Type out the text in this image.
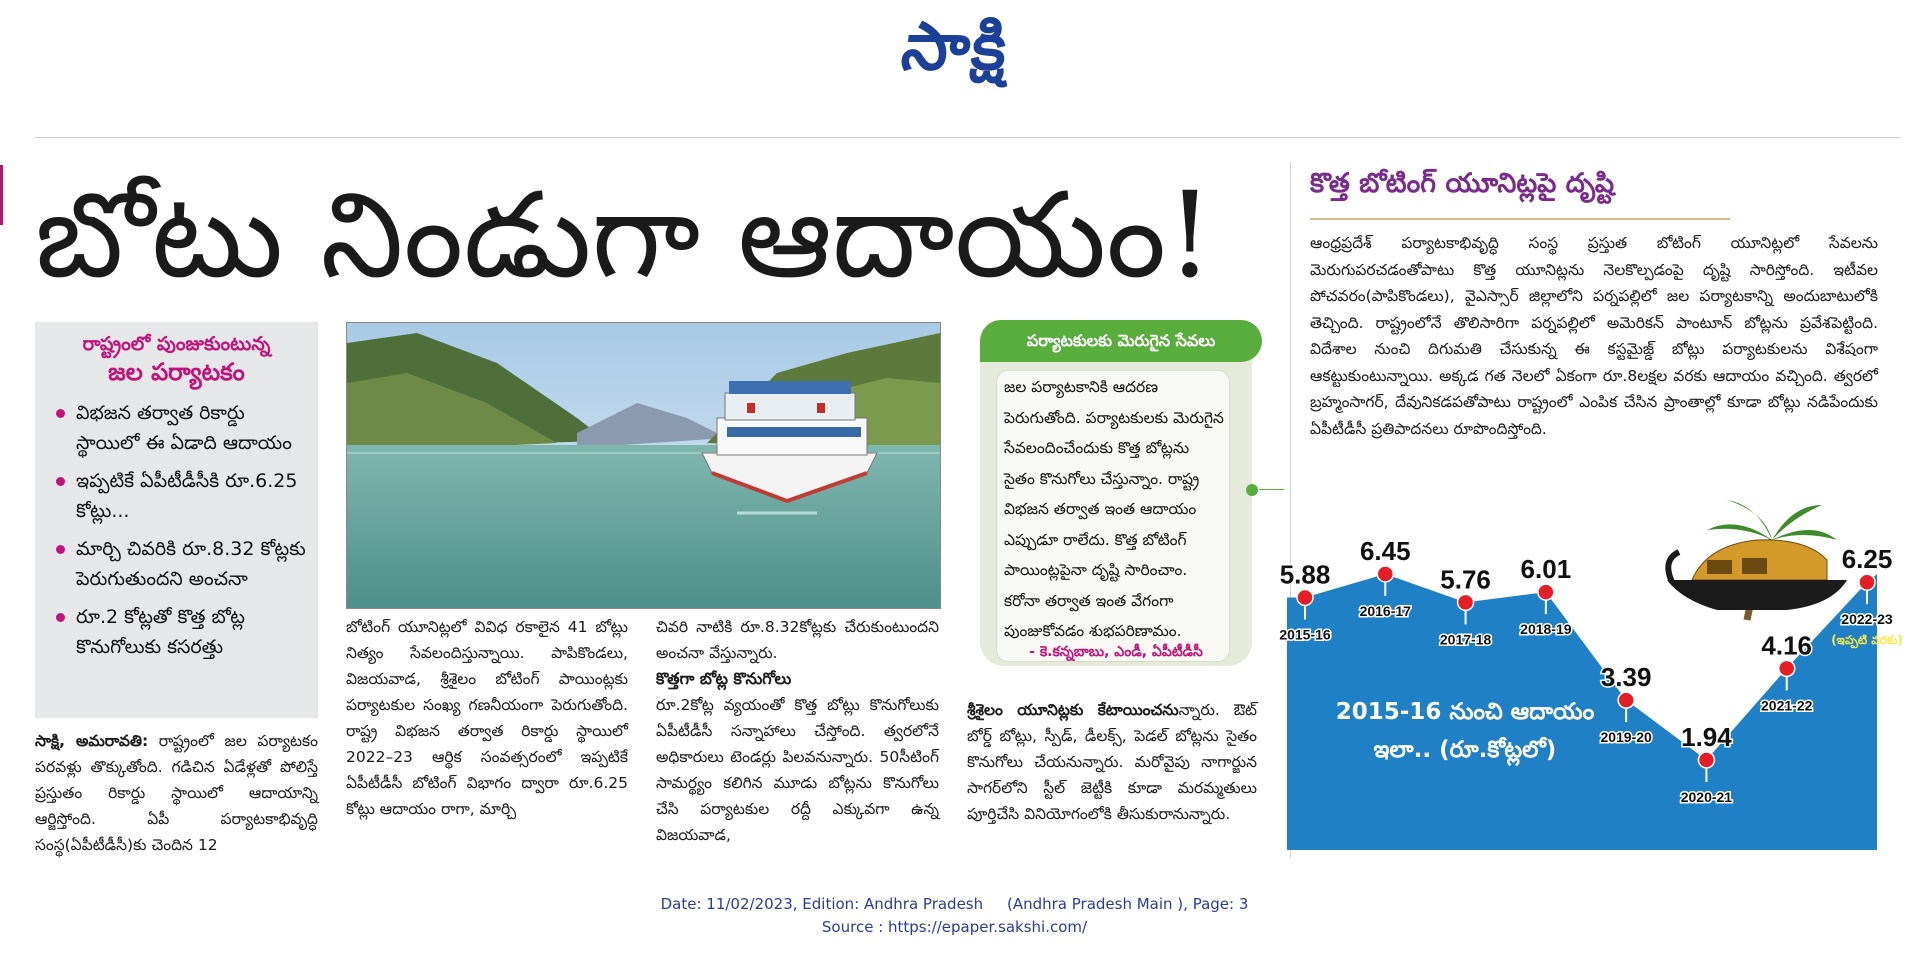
సాక్షి
బోటు నిండుగా ఆదాయం!
రాష్ట్రంలో పుంజుకుంటున్న
జల పర్యాటకం
విభజన తర్వాత రికార్డు స్థాయిలో ఈ ఏడాది ఆదాయం
ఇప్పటికే ఏపీటీడీసీకి రూ.6.25 కోట్లు...
మార్చి చివరికి రూ.8.32 కోట్లకు పెరుగుతుందని అంచనా
రూ.2 కోట్లతో కొత్త బోట్ల కొనుగోలుకు కసరత్తు

సాక్షి, అమరావతి: రాష్ట్రంలో జల పర్యాటకం పరవళ్లు తొక్కుతోంది. గడిచిన ఏడేళ్లతో పోలిస్తే ప్రస్తుతం రికార్డు స్థాయిలో ఆదాయాన్ని ఆర్జిస్తోంది. ఏపీ పర్యాటకాభివృద్ధి సంస్థ(ఏపీటీడీసీ)కు చెందిన 12

బోటింగ్ యూనిట్లలో వివిధ రకాలైన 41 బోట్లు నిత్యం సేవలందిస్తున్నాయి. పాపికొండలు, విజయవాడ, శ్రీశైలం బోటింగ్ పాయింట్లకు పర్యాటకుల సంఖ్య గణనీయంగా పెరుగుతోంది. రాష్ట్ర విభజన తర్వాత రికార్డు స్థాయిలో 2022–23 ఆర్థిక సంవత్సరంలో ఇప్పటికే ఏపీటీడీసీ బోటింగ్ విభాగం ద్వారా రూ.6.25 కోట్లు ఆదాయం రాగా, మార్చి

చివరి నాటికి రూ.8.32కోట్లకు చేరుకుంటుందని అంచనా వేస్తున్నారు.

కొత్తగా బోట్ల కొనుగోలు

రూ.2కోట్ల వ్యయంతో కొత్త బోట్లు కొనుగోలుకు ఏపీటీడీసీ సన్నాహాలు చేస్తోంది. త్వరలోనే అధికారులు టెండర్లు పిలవనున్నారు. 50సీటింగ్ సామర్థ్యం కలిగిన మూడు బోట్లను కొనుగోలు చేసి పర్యాటకుల రద్దీ ఎక్కువగా ఉన్న విజయవాడ,

శ్రీశైలం యూనిట్లకు కేటాయించనున్నారు. ఔట్ బోర్డ్ బోట్లు, స్పీడ్, డీలక్స్, పెడల్ బోట్లను సైతం కొనుగోలు చేయనున్నారు. మరోవైపు నాగార్జున సాగర్‌లోని స్టీల్ జెట్టీకి కూడా మరమ్మతులు పూర్తిచేసి వినియోగంలోకి తీసుకురానున్నారు.

పర్యాటకులకు మెరుగైన సేవలు
జల పర్యాటకానికి ఆదరణ పెరుగుతోంది. పర్యాటకులకు మెరుగైన సేవలందించేందుకు కొత్త బోట్లను సైతం కొనుగోలు చేస్తున్నాం. రాష్ట్ర విభజన తర్వాత ఇంత ఆదాయం ఎప్పుడూ రాలేదు. కొత్త బోటింగ్ పాయింట్లపైనా దృష్టి సారించాం. కరోనా తర్వాత ఇంత వేగంగా పుంజుకోవడం శుభపరిణామం.
- కె.కన్నబాబు, ఎండీ, ఏపీటీడీసీ
కొత్త బోటింగ్ యూనిట్లపై దృష్టి
ఆంధ్రప్రదేశ్ పర్యాటకాభివృద్ధి సంస్థ ప్రస్తుత బోటింగ్ యూనిట్లలో సేవలను మెరుగుపరచడంతోపాటు కొత్త యూనిట్లను నెలకొల్పడంపై దృష్టి సారిస్తోంది. ఇటీవల పోచవరం(పాపికొండలు), వైఎస్సార్ జిల్లాలోని పర్నపల్లిలో జల పర్యాటకాన్ని అందుబాటులోకి తెచ్చింది. రాష్ట్రంలోనే తొలిసారిగా పర్నపల్లిలో అమెరికన్ పాంటూన్ బోట్లను ప్రవేశపెట్టింది. విదేశాల నుంచి దిగుమతి చేసుకున్న ఈ కస్టమైజ్డ్ బోట్లు పర్యాటకులను విశేషంగా ఆకట్టుకుంటున్నాయి. అక్కడ గత నెలలో ఏకంగా రూ.8లక్షల వరకు ఆదాయం వచ్చింది. త్వరలో బ్రహ్మంసాగర్, దేవునికడపతోపాటు రాష్ట్రంలో ఎంపిక చేసిన ప్రాంతాల్లో కూడా బోట్లు నడిపేందుకు ఏపీటీడీసీ ప్రతిపాదనలు రూపొందిస్తోంది.
5.88
2015-16
6.45
2016-17
5.76
2017-18
6.01
2018-19
3.39
2019-20 1.94
2020-21
4.16
2021-22
6.25
2022-23
(ఇప్పటి వరకు)
2015-16 నుంచి ఆదాయం ఇలా.. (రూ.కోట్లలో)
Date: 11/02/2023, Edition: Andhra Pradesh     (Andhra Pradesh Main ), Page: 3
Source : https://epaper.sakshi.com/
